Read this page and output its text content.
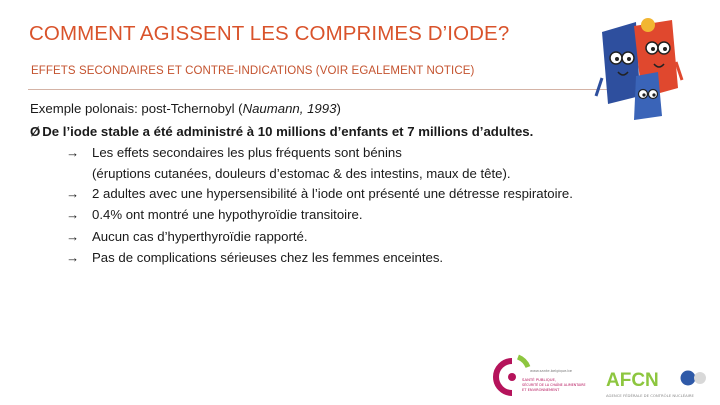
COMMENT AGISSENT LES COMPRIMES D’IODE?
EFFETS SECONDAIRES ET CONTRE-INDICATIONS (VOIR EGALEMENT NOTICE)
Exemple polonais: post-Tchernobyl (Naumann, 1993)
Ø De l’iode stable a été administré à 10 millions d’enfants et 7 millions d’adultes.
→ Les effets secondaires les plus fréquents sont bénins
(éruptions cutanées, douleurs d’estomac & des intestins, maux de tête).
→ 2 adultes avec une hypersensibilité à l’iode ont présenté une détresse respiratoire.
→ 0.4% ont montré une hypothyroïdie transitoire.
→ Aucun cas d’hyperthyroïdie rapporté.
→ Pas de complications sérieuses chez les femmes enceintes.
www.sante.belgique.be
SANTÉ PUBLIQUE,
SÉCURITÉ DE LA CHAÎNE ALIMENTAIRE
ET ENVIRONNEMENT AFCN
AGENCE FÉDÉRALE DE CONTRÔLE NUCLÉAIRE
